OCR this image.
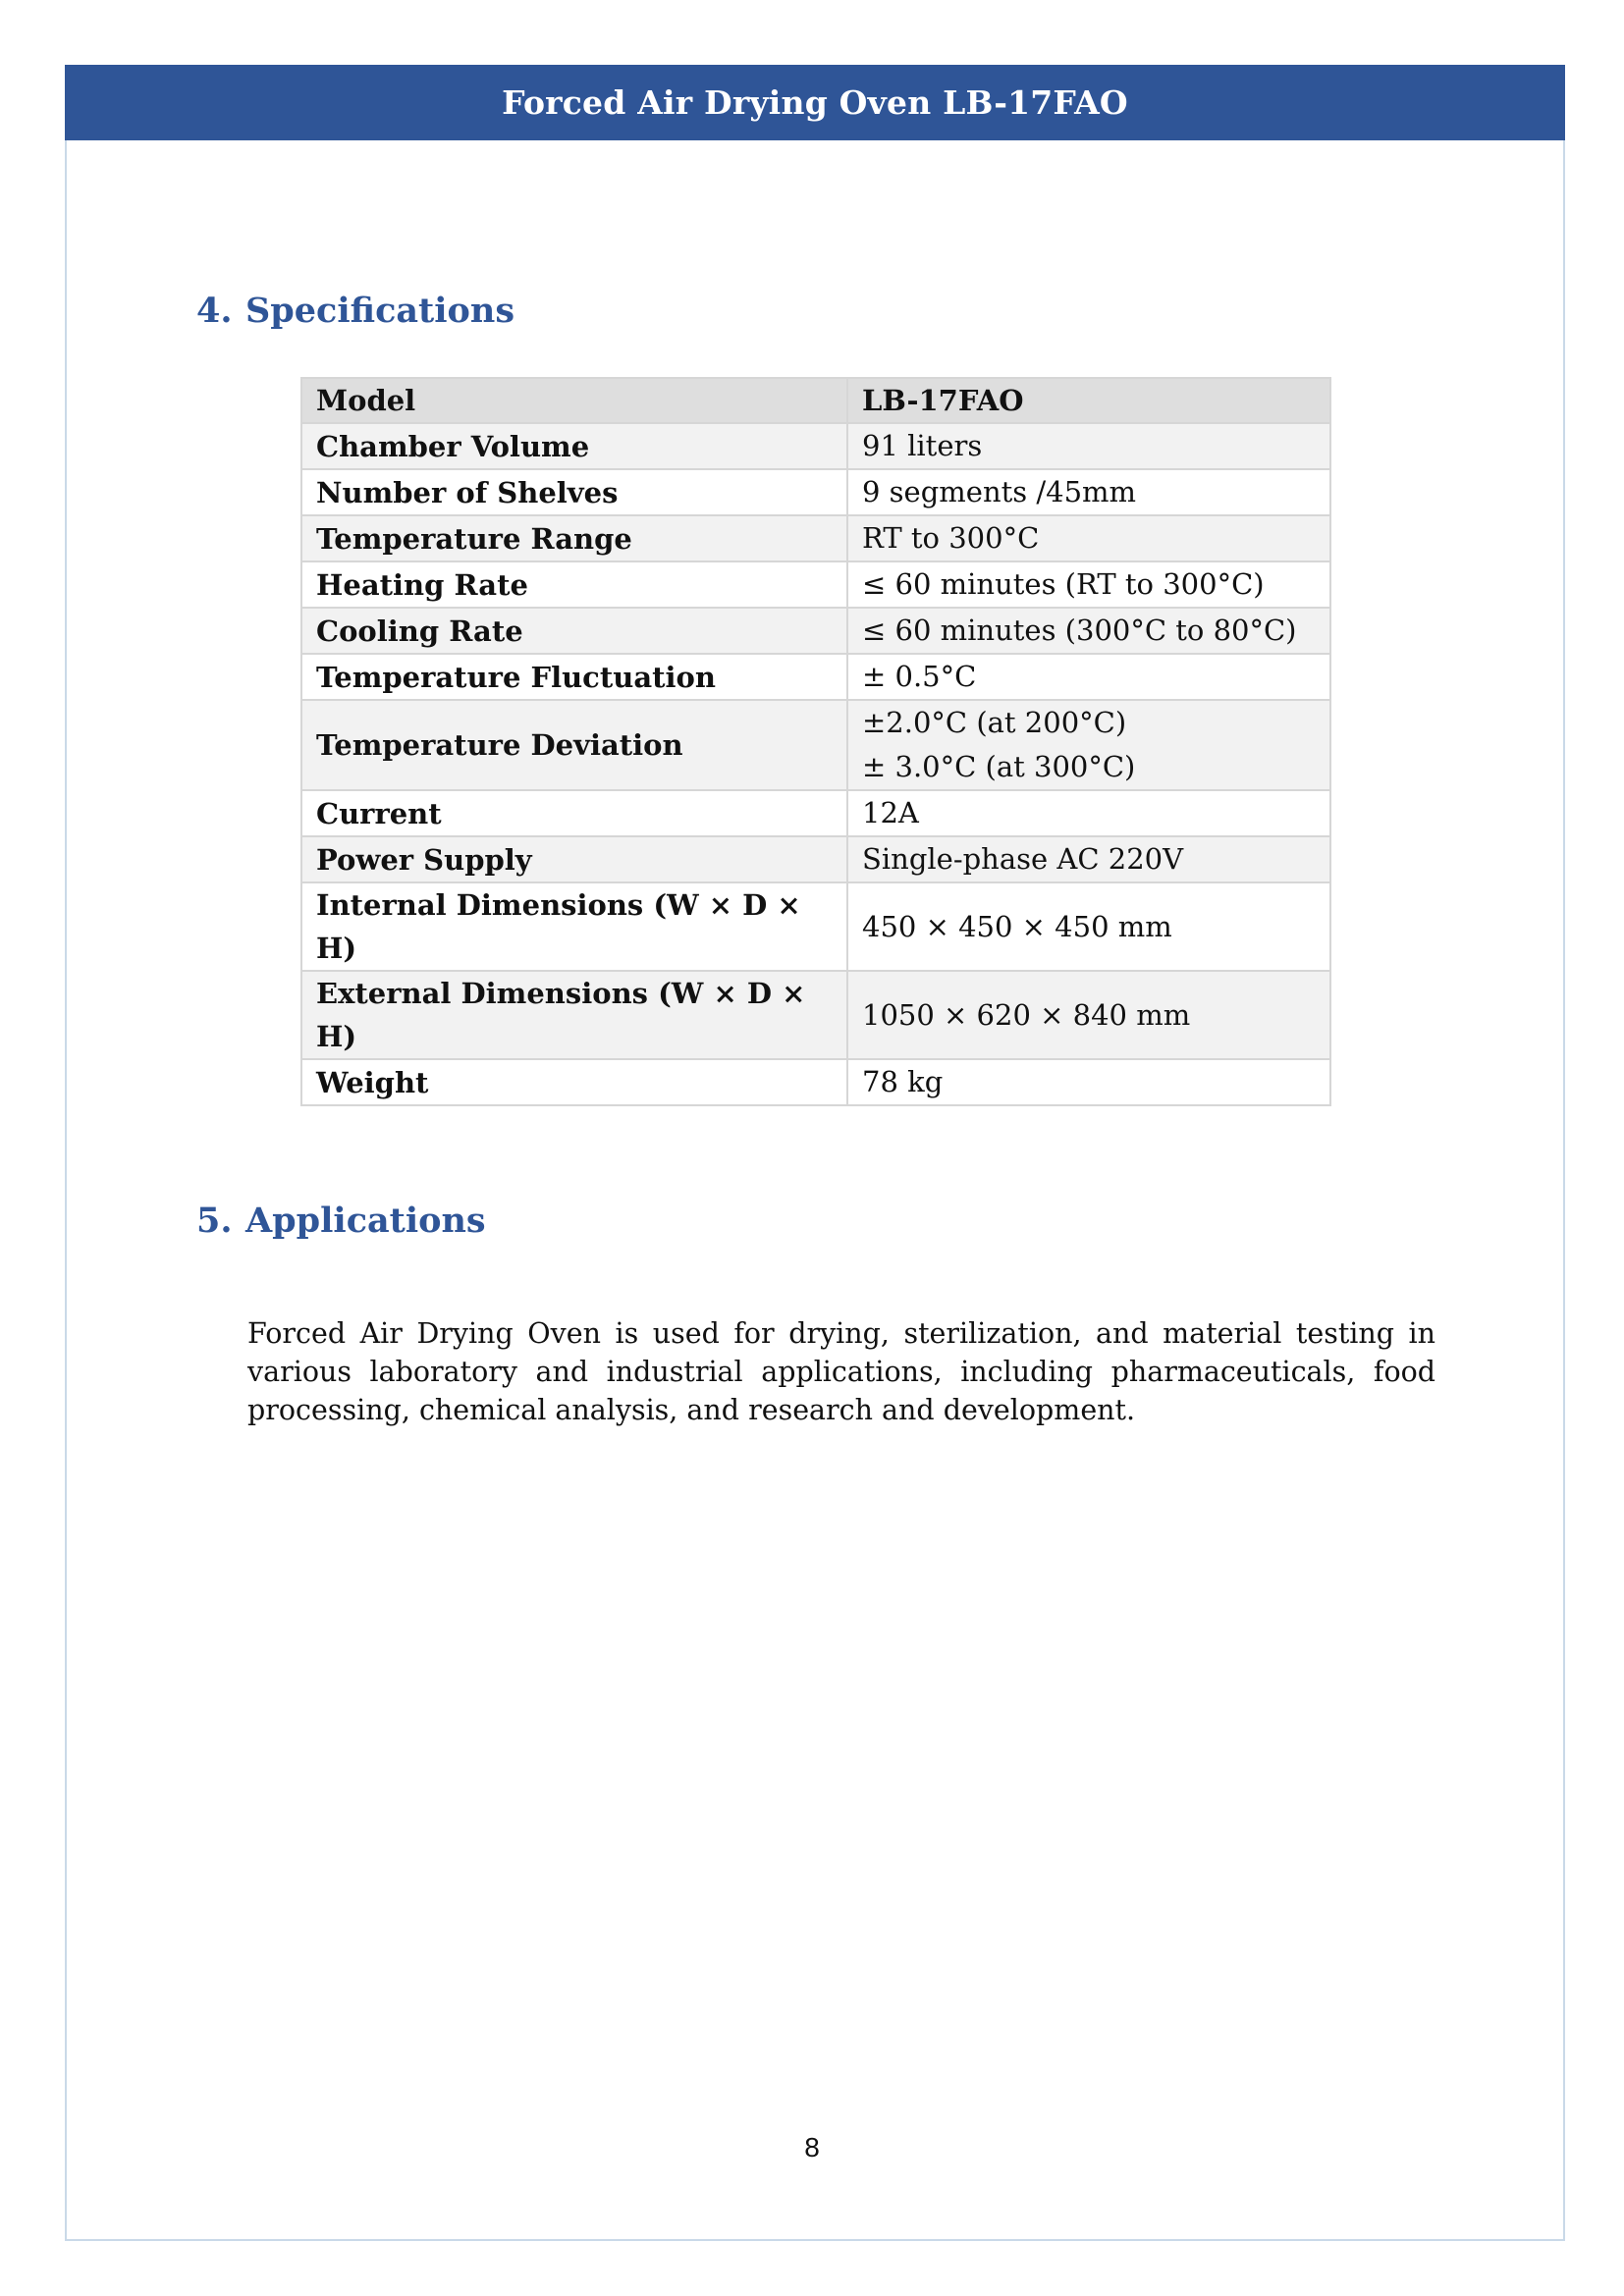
Forced Air Drying Oven LB-17FAO
4. Specifications
Model	LB-17FAO
Chamber Volume	91 liters

Number of Shelves	9 segments /45mm

Temperature Range	RT to 300°C

Heating Rate	≤ 60 minutes (RT to 300°C)

Cooling Rate	≤ 60 minutes (300°C to 80°C)

Temperature Fluctuation	± 0.5°C

Temperature Deviation	±2.0°C (at 200°C)
± 3.0°C (at 300°C)

Current	12A

Power Supply	Single-phase AC 220V

Internal Dimensions (W × D × H)	450 × 450 × 450 mm

External Dimensions (W × D × H)	1050 × 620 × 840 mm

Weight	78 kg
5. Applications

Forced Air Drying Oven is used for drying, sterilization, and material testing in various laboratory and industrial applications, including pharmaceuticals, food processing, chemical analysis, and research and development.

8
